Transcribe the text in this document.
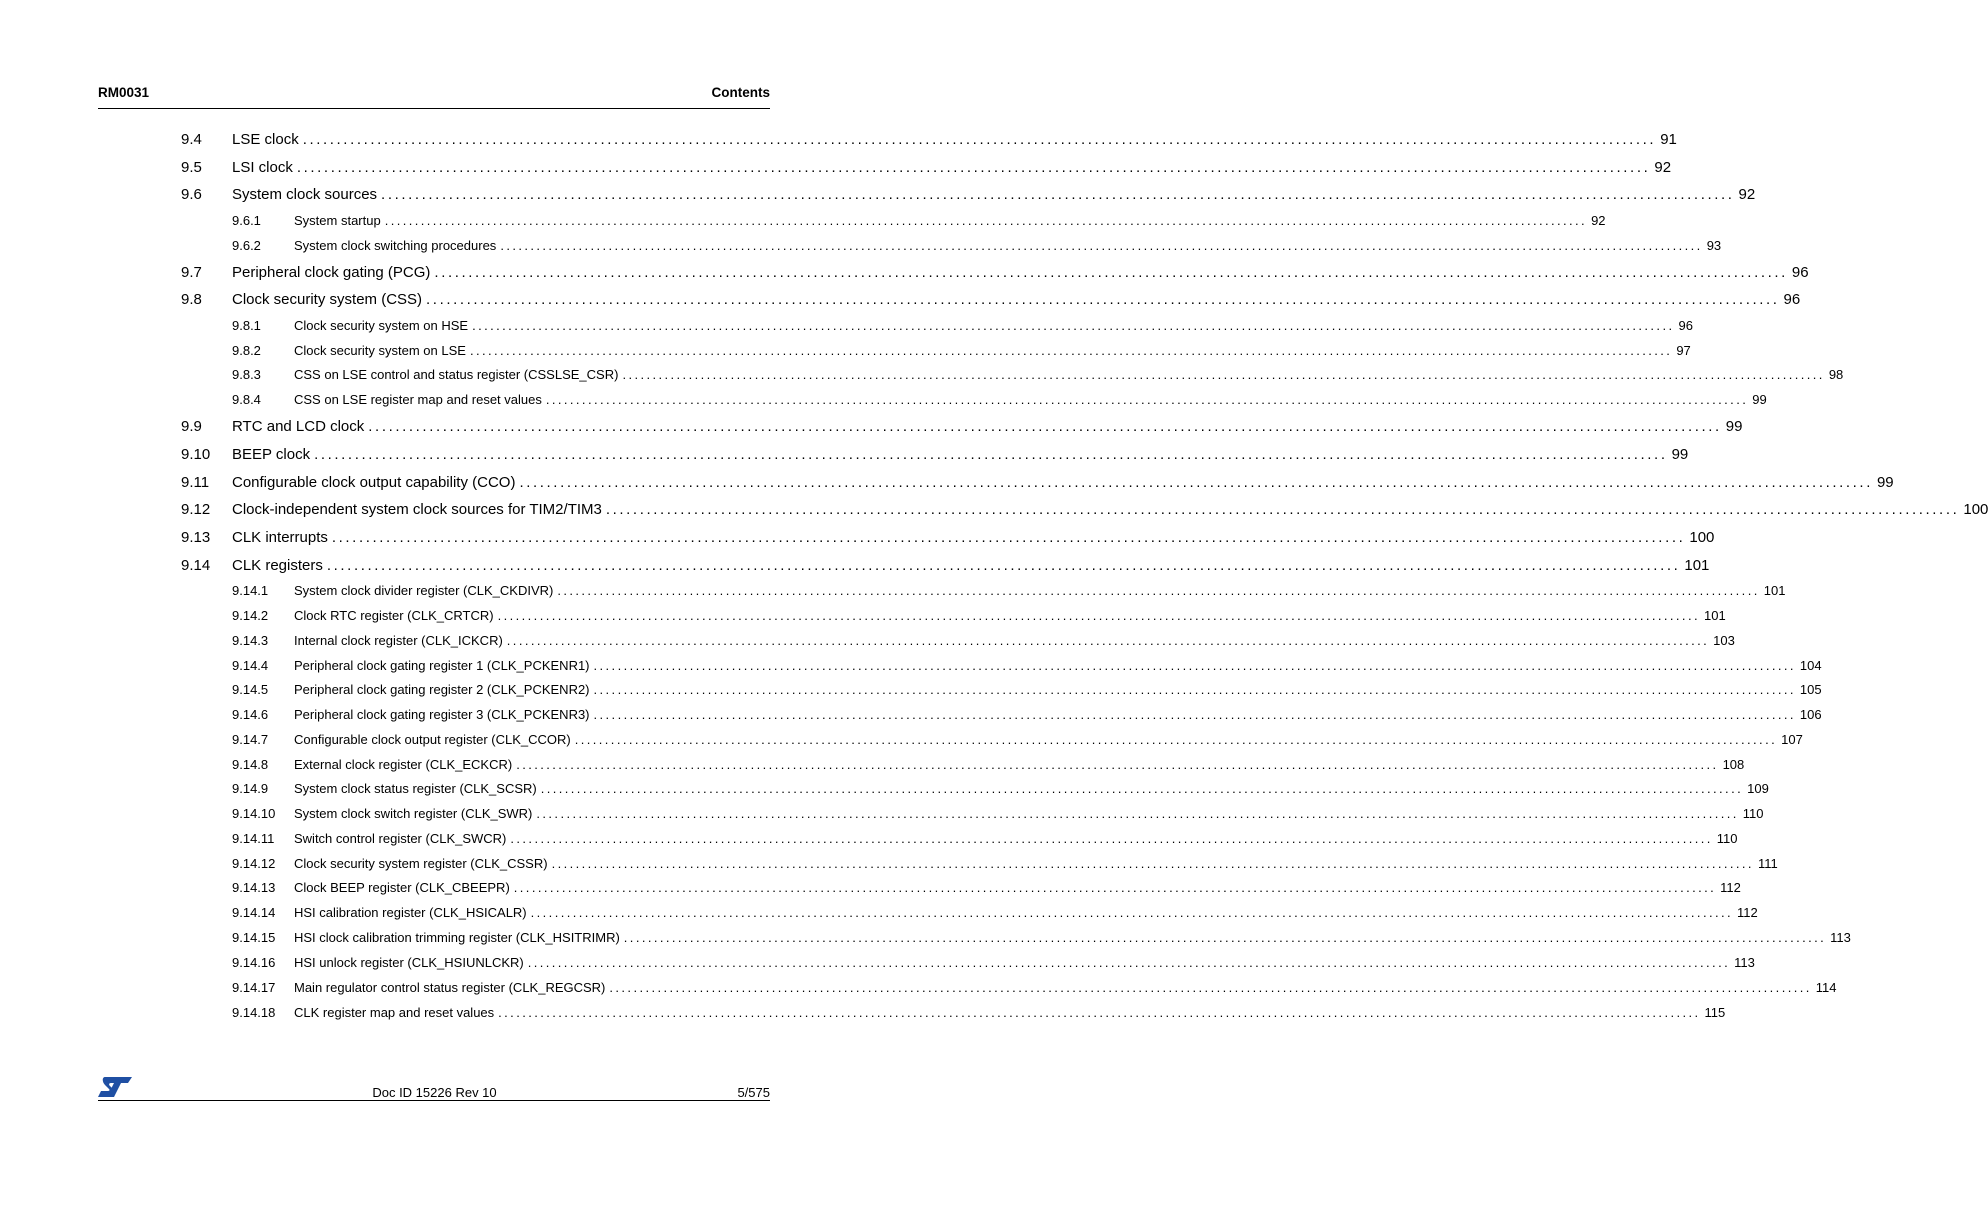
RM0031	Contents
9.4 LSE clock ........................................................................................................................................................................................................ 91
9.5 LSI clock ........................................................................................................................................................................................................ 92
9.6 System clock sources ........................................................................................................................................................................................................ 92
9.6.1	System startup ........................................................................................................................................................................................................ 92
9.6.2	System clock switching procedures ........................................................................................................................................................................................................ 93
9.7 Peripheral clock gating (PCG) ........................................................................................................................................................................................................ 96
9.8 Clock security system (CSS) ........................................................................................................................................................................................................ 96
9.8.1	Clock security system on HSE ........................................................................................................................................................................................................ 96
9.8.2	Clock security system on LSE ........................................................................................................................................................................................................ 97
9.8.3	CSS on LSE control and status register (CSSLSE_CSR) ........................................................................................................................................................................................................ 98
9.8.4	CSS on LSE register map and reset values ........................................................................................................................................................................................................ 99
9.9 RTC and LCD clock ........................................................................................................................................................................................................ 99
9.10 BEEP clock ........................................................................................................................................................................................................ 99
9.11 Configurable clock output capability (CCO) ........................................................................................................................................................................................................ 99
9.12 Clock-independent system clock sources for TIM2/TIM3 ........................................................................................................................................................................................................ 100
9.13 CLK interrupts ........................................................................................................................................................................................................ 100
9.14 CLK registers ........................................................................................................................................................................................................ 101
9.14.1 System clock divider register (CLK_CKDIVR) ........................................................................................................................................................................................................ 101
9.14.2 Clock RTC register (CLK_CRTCR) ........................................................................................................................................................................................................ 101
9.14.3 Internal clock register (CLK_ICKCR) ........................................................................................................................................................................................................ 103
9.14.4 Peripheral clock gating register 1 (CLK_PCKENR1) ........................................................................................................................................................................................................ 104
9.14.5 Peripheral clock gating register 2 (CLK_PCKENR2) ........................................................................................................................................................................................................ 105
9.14.6 Peripheral clock gating register 3 (CLK_PCKENR3) ........................................................................................................................................................................................................ 106
9.14.7 Configurable clock output register (CLK_CCOR) ........................................................................................................................................................................................................ 107
9.14.8 External clock register (CLK_ECKCR) ........................................................................................................................................................................................................ 108
9.14.9 System clock status register (CLK_SCSR) ........................................................................................................................................................................................................ 109
9.14.10 System clock switch register (CLK_SWR) ........................................................................................................................................................................................................ 110
9.14.11 Switch control register (CLK_SWCR) ........................................................................................................................................................................................................ 110
9.14.12 Clock security system register (CLK_CSSR) ........................................................................................................................................................................................................ 111
9.14.13 Clock BEEP register (CLK_CBEEPR) ........................................................................................................................................................................................................ 112
9.14.14 HSI calibration register (CLK_HSICALR) ........................................................................................................................................................................................................ 112
9.14.15 HSI clock calibration trimming register (CLK_HSITRIMR) ........................................................................................................................................................................................................ 113
9.14.16 HSI unlock register (CLK_HSIUNLCKR) ........................................................................................................................................................................................................ 113
9.14.17 Main regulator control status register (CLK_REGCSR) ........................................................................................................................................................................................................ 114
9.14.18 CLK register map and reset values ........................................................................................................................................................................................................ 115
Doc ID 15226 Rev 10	5/575
